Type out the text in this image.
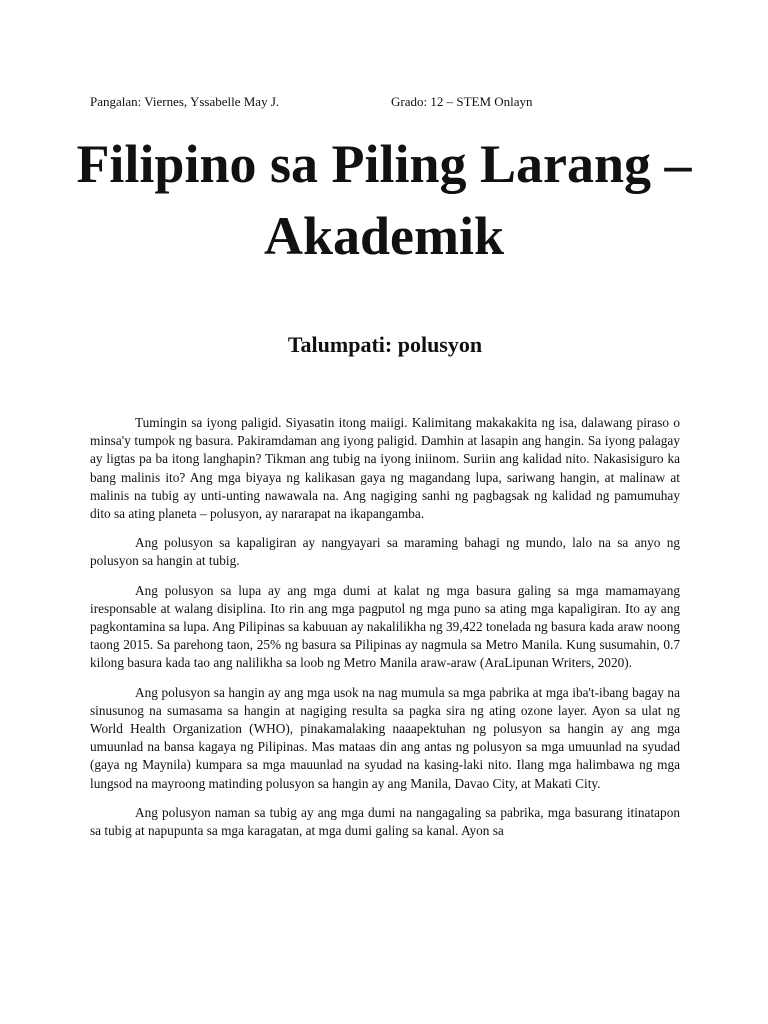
Pangalan: Viernes, Yssabelle May J.	Grado: 12 – STEM Onlayn
Filipino sa Piling Larang – Akademik
Talumpati: polusyon

Tumingin sa iyong paligid. Siyasatin itong maiigi. Kalimitang makakakita ng isa, dalawang piraso o minsa'y tumpok ng basura. Pakiramdaman ang iyong paligid. Damhin at lasapin ang hangin. Sa iyong palagay ay ligtas pa ba itong langhapin? Tikman ang tubig na iyong iniinom. Suriin ang kalidad nito. Nakasisiguro ka bang malinis ito? Ang mga biyaya ng kalikasan gaya ng magandang lupa, sariwang hangin, at malinaw at malinis na tubig ay unti-unting nawawala na. Ang nagiging sanhi ng pagbagsak ng kalidad ng pamumuhay dito sa ating planeta – polusyon, ay nararapat na ikapangamba.

Ang polusyon sa kapaligiran ay nangyayari sa maraming bahagi ng mundo, lalo na sa anyo ng polusyon sa hangin at tubig.

Ang polusyon sa lupa ay ang mga dumi at kalat ng mga basura galing sa mga mamamayang iresponsable at walang disiplina. Ito rin ang mga pagputol ng mga puno sa ating mga kapaligiran. Ito ay ang pagkontamina sa lupa. Ang Pilipinas sa kabuuan ay nakalilikha ng 39,422 tonelada ng basura kada araw noong taong 2015. Sa parehong taon, 25% ng basura sa Pilipinas ay nagmula sa Metro Manila. Kung susumahin, 0.7 kilong basura kada tao ang nalilikha sa loob ng Metro Manila araw-araw (AraLipunan Writers, 2020).

Ang polusyon sa hangin ay ang mga usok na nag mumula sa mga pabrika at mga iba't-ibang bagay na sinusunog na sumasama sa hangin at nagiging resulta sa pagka sira ng ating ozone layer. Ayon sa ulat ng World Health Organization (WHO), pinakamalaking naaapektuhan ng polusyon sa hangin ay ang mga umuunlad na bansa kagaya ng Pilipinas. Mas mataas din ang antas ng polusyon sa mga umuunlad na syudad (gaya ng Maynila) kumpara sa mga mauunlad na syudad na kasing-laki nito. Ilang mga halimbawa ng mga lungsod na mayroong matinding polusyon sa hangin ay ang Manila, Davao City, at Makati City.

Ang polusyon naman sa tubig ay ang mga dumi na nangagaling sa pabrika, mga basurang itinatapon sa tubig at napupunta sa mga karagatan, at mga dumi galing sa kanal. Ayon sa
